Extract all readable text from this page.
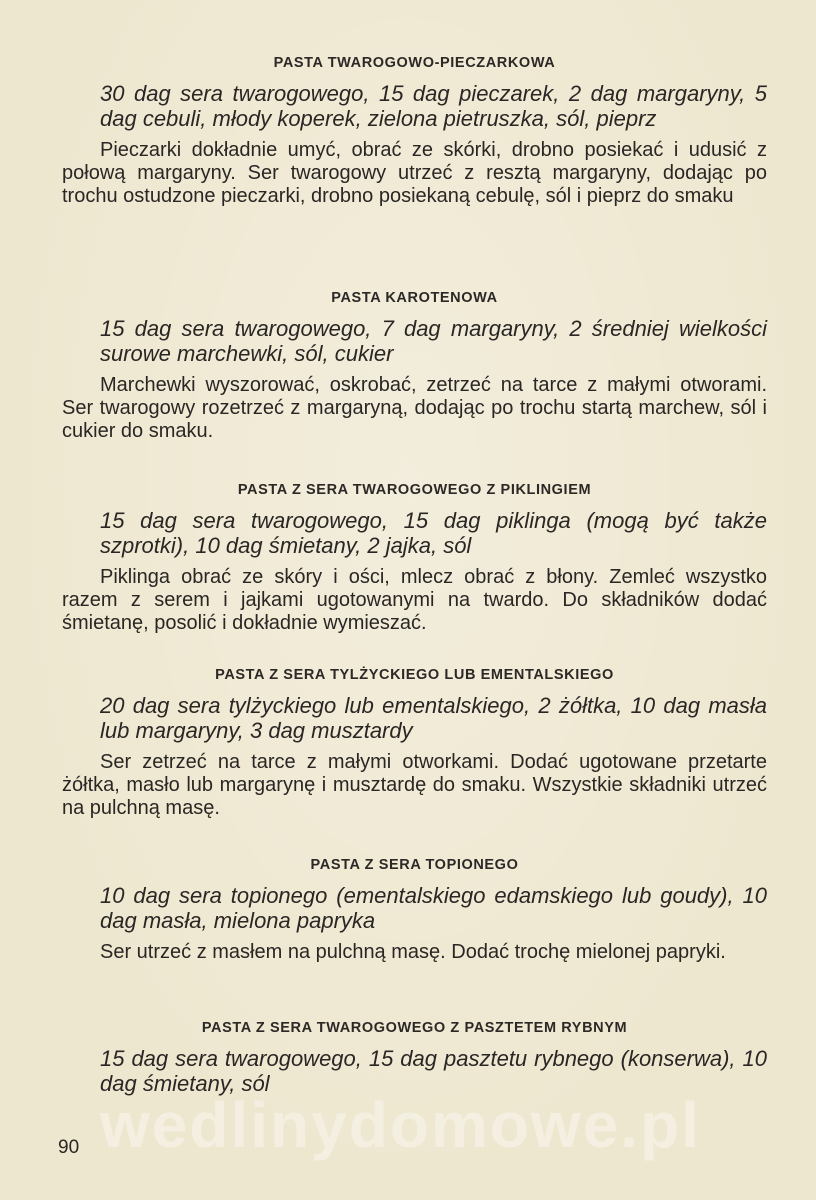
PASTA TWAROGOWO-PIECZARKOWA
30 dag sera twarogowego, 15 dag pieczarek, 2 dag margaryny, 5 dag cebuli, młody koperek, zielona pietruszka, sól, pieprz
Pieczarki dokładnie umyć, obrać ze skórki, drobno posiekać i udusić z połową margaryny. Ser twarogowy utrzeć z resztą margaryny, dodając po trochu ostudzone pieczarki, drobno posiekaną cebulę, sól i pieprz do smaku
PASTA KAROTENOWA
15 dag sera twarogowego, 7 dag margaryny, 2 średniej wielkości surowe marchewki, sól, cukier
Marchewki wyszorować, oskrobać, zetrzeć na tarce z małymi otworami. Ser twarogowy rozetrzeć z margaryną, dodając po trochu startą marchew, sól i cukier do smaku.
PASTA Z SERA TWAROGOWEGO Z PIKLINGIEM
15 dag sera twarogowego, 15 dag piklinga (mogą być także szprotki), 10 dag śmietany, 2 jajka, sól
Piklinga obrać ze skóry i ości, mlecz obrać z błony. Zemleć wszystko razem z serem i jajkami ugotowanymi na twardo. Do składników dodać śmietanę, posolić i dokładnie wymieszać.
PASTA Z SERA TYLŻYCKIEGO LUB EMENTALSKIEGO
20 dag sera tylżyckiego lub ementalskiego, 2 żółtka, 10 dag masła lub margaryny, 3 dag musztardy
Ser zetrzeć na tarce z małymi otworkami. Dodać ugotowane przetarte żółtka, masło lub margarynę i musztardę do smaku. Wszystkie składniki utrzeć na pulchną masę.
PASTA Z SERA TOPIONEGO
10 dag sera topionego (ementalskiego edamskiego lub goudy), 10 dag masła, mielona papryka
Ser utrzeć z masłem na pulchną masę. Dodać trochę mielonej papryki.
PASTA Z SERA TWAROGOWEGO Z PASZTETEM RYBNYM
15 dag sera twarogowego, 15 dag pasztetu rybnego (konserwa), 10 dag śmietany, sól
wedlinydomowe.pl
90
